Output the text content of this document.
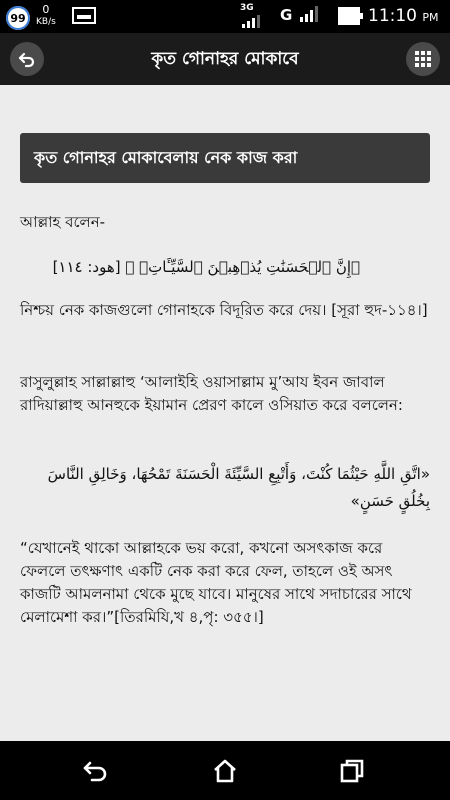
99
0
KB/s
3G G	11:10 PM
কৃত গোনাহর মোকাবে
কৃত গোনাহর মোকাবেলায় নেক কাজ করা
আল্লাহ বলেন-
﴿إِنَّ ٱلۡحَسَنَٰتِ يُذۡهِبۡنَ ٱلسَّيِّـَٔاتِۚ ﴾ [هود: ١١٤]
নিশ্চয় নেক কাজগুলো গোনাহকে বিদূরিত করে দেয়। [সূরা হুদ-১১৪।]
রাসুলুল্লাহ সাল্লাল্লাহু ‘আলাইহি ওয়াসাল্লাম মু’আয ইবন জাবাল রাদিয়াল্লাহু আনহুকে ইয়ামান প্রেরণ কালে ওসিয়াত করে বললেন:
«اتَّقِ اللَّهِ حَيْثُمَا كُنْتَ، وَأَتْبِعِ السَّيِّئَةَ الْحَسَنَةَ تَمْحُهَا، وَخَالِقِ النَّاسَ بِخُلُقٍ حَسَنٍ»
“যেখানেই থাকো আল্লাহকে ভয় করো, কখনো অসৎকাজ করে ফেললে তৎক্ষণাৎ একটি নেক করা করে ফেল, তাহলে ওই অসৎ কাজটি আমলনামা থেকে মুছে যাবে। মানুষের সাথে সদাচারের সাথে মেলামেশা কর।”[তিরমিযি,খ ৪,পৃ: ৩৫৫।]
